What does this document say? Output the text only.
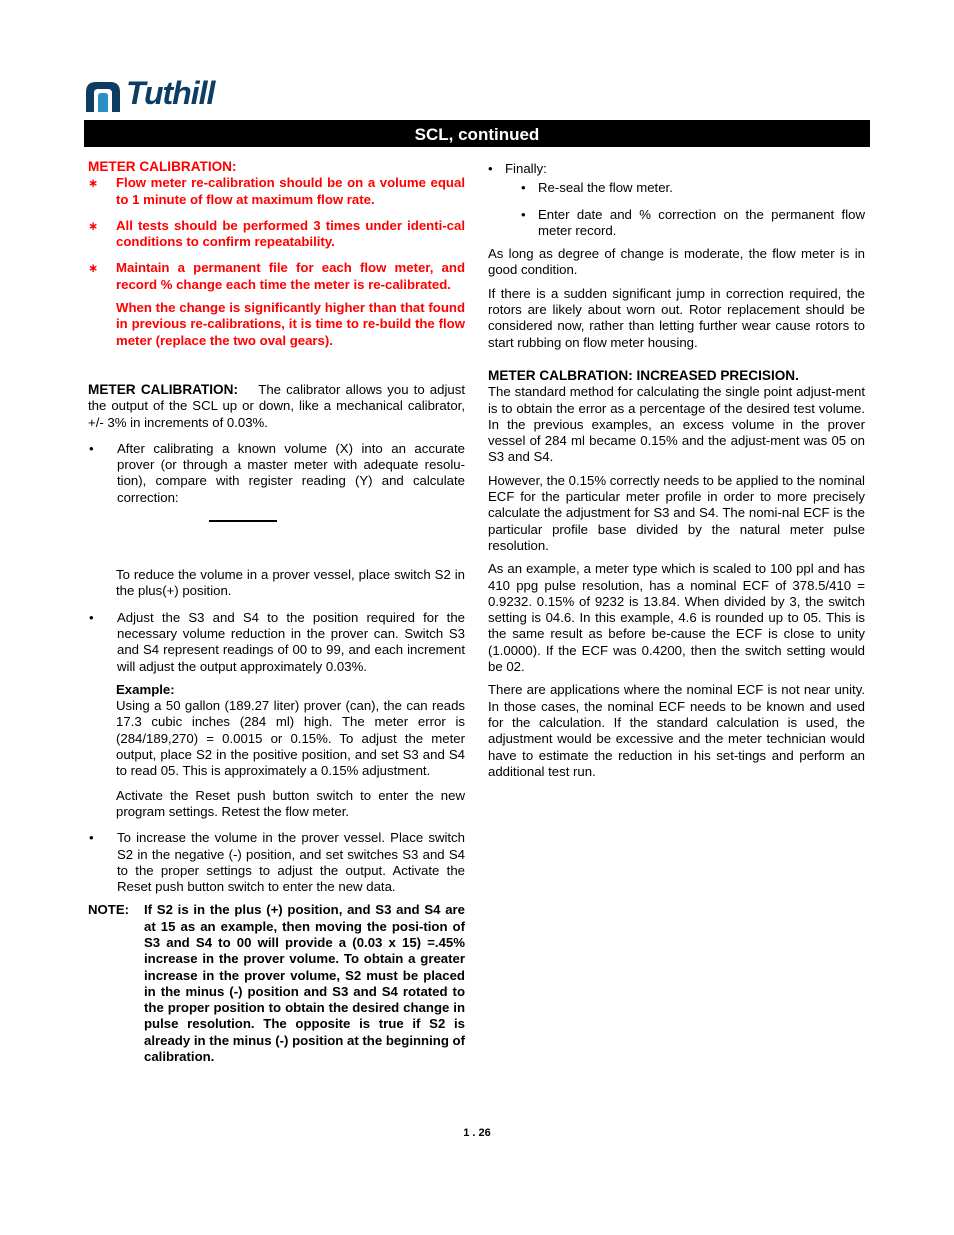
Tuthill
SCL, continued
METER CALIBRATION:
∗	Flow meter re-calibration should be on a volume equal to 1 minute of flow at maximum flow rate.
∗	All tests should be performed 3 times under identi-cal conditions to confirm repeatability.
∗	Maintain a permanent file for each flow meter, and record % change each time the meter is re-calibrated.
When the change is significantly higher than that found in previous re-calibrations, it is time to re-build the flow meter (replace the two oval gears).
METER CALIBRATION: The calibrator allows you to adjust the output of the SCL up or down, like a mechanical calibrator, +/- 3% in increments of 0.03%.
•	After calibrating a known volume (X) into an accurate prover (or through a master meter with adequate resolu-tion), compare with register reading (Y) and calculate correction:
To reduce the volume in a prover vessel, place switch S2 in the plus(+) position.
•	Adjust the S3 and S4 to the position required for the necessary volume reduction in the prover can. Switch S3 and S4 represent readings of 00 to 99, and each increment will adjust the output approximately 0.03%.
Example:
Using a 50 gallon (189.27 liter) prover (can), the can reads 17.3 cubic inches (284 ml) high. The meter error is (284/189,270) = 0.0015 or 0.15%. To adjust the meter output, place S2 in the positive position, and set S3 and S4 to read 05. This is approximately a 0.15% adjustment.
Activate the Reset push button switch to enter the new program settings. Retest the flow meter.
•	To increase the volume in the prover vessel. Place switch S2 in the negative (-) position, and set switches S3 and S4 to the proper settings to adjust the output. Activate the Reset push button switch to enter the new data.
NOTE:	If S2 is in the plus (+) position, and S3 and S4 are at 15 as an example, then moving the posi-tion of S3 and S4 to 00 will provide a (0.03 x 15) =.45% increase in the prover volume. To obtain a greater increase in the prover volume, S2 must be placed in the minus (-) position and S3 and S4 rotated to the proper position to obtain the desired change in pulse resolution. The opposite is true if S2 is already in the minus (-) position at the beginning of calibration.
• Finally:
• Re-seal the flow meter.
• Enter date and % correction on the permanent flow meter record.
As long as degree of change is moderate, the flow meter is in good condition.
If there is a sudden significant jump in correction required, the rotors are likely about worn out. Rotor replacement should be considered now, rather than letting further wear cause rotors to start rubbing on flow meter housing.
METER CALBRATION: INCREASED PRECISION.
The standard method for calculating the single point adjust-ment is to obtain the error as a percentage of the desired test volume. In the previous examples, an excess volume in the prover vessel of 284 ml became 0.15% and the adjust-ment was 05 on S3 and S4.
However, the 0.15% correctly needs to be applied to the nominal ECF for the particular meter profile in order to more precisely calculate the adjustment for S3 and S4. The nomi-nal ECF is the particular profile base divided by the natural meter pulse resolution.
As an example, a meter type which is scaled to 100 ppl and has 410 ppg pulse resolution, has a nominal ECF of 378.5/410 = 0.9232. 0.15% of 9232 is 13.84. When divided by 3, the switch setting is 04.6. In this example, 4.6 is rounded up to 05. This is the same result as before be-cause the ECF is close to unity (1.0000). If the ECF was 0.4200, then the switch setting would be 02.
There are applications where the nominal ECF is not near unity. In those cases, the nominal ECF needs to be known and used for the calculation. If the standard calculation is used, the adjustment would be excessive and the meter technician would have to estimate the reduction in his set-tings and perform an additional test run.
1 . 26
